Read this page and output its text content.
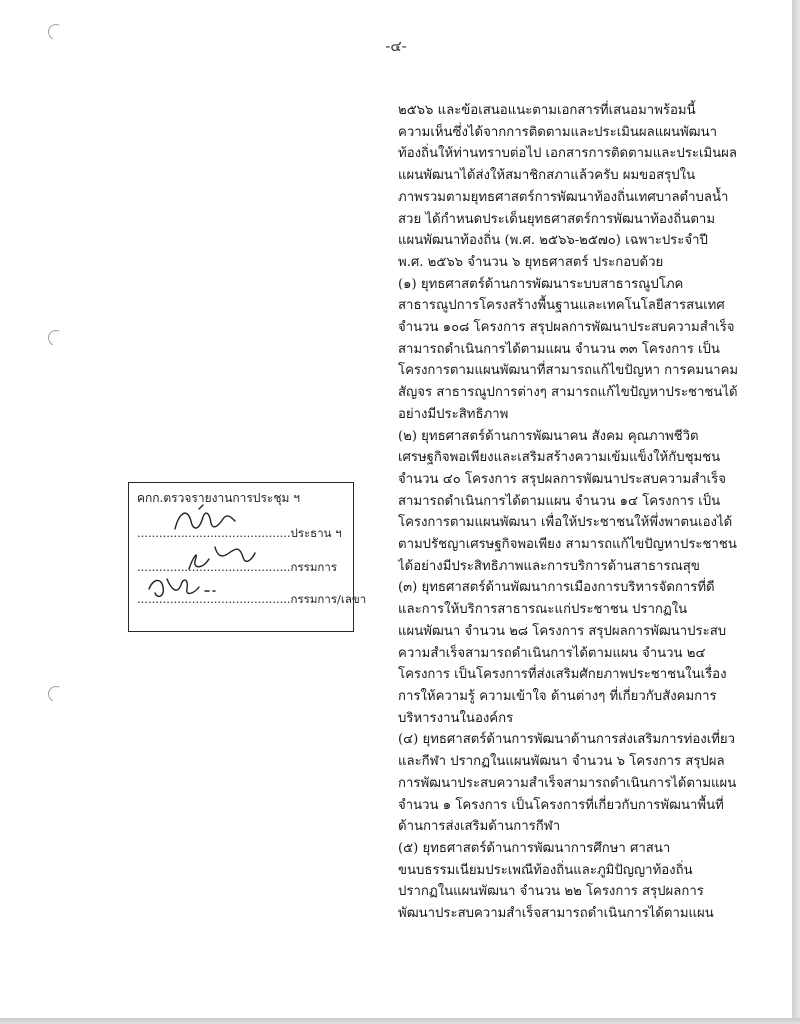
-๔-

๒๕๖๖ และข้อเสนอแนะตามเอกสารที่เสนอมาพร้อมนี้
ความเห็นซึ่งได้จากการติดตามและประเมินผลแผนพัฒนา
ท้องถิ่นให้ท่านทราบต่อไป เอกสารการติดตามและประเมินผล
แผนพัฒนาได้ส่งให้สมาชิกสภาแล้วครับ ผมขอสรุปใน
ภาพรวมตามยุทธศาสตร์การพัฒนาท้องถิ่นเทศบาลตำบลน้ำ
สวย ได้กำหนดประเด็นยุทธศาสตร์การพัฒนาท้องถิ่นตาม
แผนพัฒนาท้องถิ่น (พ.ศ. ๒๕๖๖-๒๕๗๐) เฉพาะประจำปี
พ.ศ. ๒๕๖๖ จำนวน ๖ ยุทธศาสตร์ ประกอบด้วย
(๑) ยุทธศาสตร์ด้านการพัฒนาระบบสาธารณูปโภค
สาธารณูปการโครงสร้างพื้นฐานและเทคโนโลยีสารสนเทศ
จำนวน ๑๐๘ โครงการ สรุปผลการพัฒนาประสบความสำเร็จ
สามารถดำเนินการได้ตามแผน จำนวน ๓๓ โครงการ เป็น
โครงการตามแผนพัฒนาที่สามารถแก้ไขปัญหา การคมนาคม
สัญจร สาธารณูปการต่างๆ สามารถแก้ไขปัญหาประชาชนได้
อย่างมีประสิทธิภาพ
(๒) ยุทธศาสตร์ด้านการพัฒนาคน สังคม คุณภาพชีวิต
เศรษฐกิจพอเพียงและเสริมสร้างความเข้มแข็งให้กับชุมชน
จำนวน ๔๐ โครงการ สรุปผลการพัฒนาประสบความสำเร็จ
สามารถดำเนินการได้ตามแผน จำนวน ๑๔ โครงการ เป็น
โครงการตามแผนพัฒนา เพื่อให้ประชาชนให้พึ่งพาตนเองได้
ตามปรัชญาเศรษฐกิจพอเพียง สามารถแก้ไขปัญหาประชาชน
ได้อย่างมีประสิทธิภาพและการบริการด้านสาธารณสุข
(๓) ยุทธศาสตร์ด้านพัฒนาการเมืองการบริหารจัดการที่ดี
และการให้บริการสาธารณะแก่ประชาชน ปรากฏใน
แผนพัฒนา จำนวน ๒๘ โครงการ สรุปผลการพัฒนาประสบ
ความสำเร็จสามารถดำเนินการได้ตามแผน จำนวน ๒๔
โครงการ เป็นโครงการที่ส่งเสริมศักยภาพประชาชนในเรื่อง
การให้ความรู้ ความเข้าใจ ด้านต่างๆ ที่เกี่ยวกับสังคมการ
บริหารงานในองค์กร
(๔) ยุทธศาสตร์ด้านการพัฒนาด้านการส่งเสริมการท่องเที่ยว
และกีฬา ปรากฏในแผนพัฒนา จำนวน ๖ โครงการ สรุปผล
การพัฒนาประสบความสำเร็จสามารถดำเนินการได้ตามแผน
จำนวน ๑ โครงการ เป็นโครงการที่เกี่ยวกับการพัฒนาพื้นที่
ด้านการส่งเสริมด้านการกีฬา
(๕) ยุทธศาสตร์ด้านการพัฒนาการศึกษา ศาสนา
ขนบธรรมเนียมประเพณีท้องถิ่นและภูมิปัญญาท้องถิ่น
ปรากฏในแผนพัฒนา จำนวน ๒๒ โครงการ สรุปผลการ
พัฒนาประสบความสำเร็จสามารถดำเนินการได้ตามแผน

คกก.ตรวจรายงานการประชุม ฯ
..........................................ประธาน ฯ
..........................................กรรมการ
..........................................กรรมการ/เลขา
